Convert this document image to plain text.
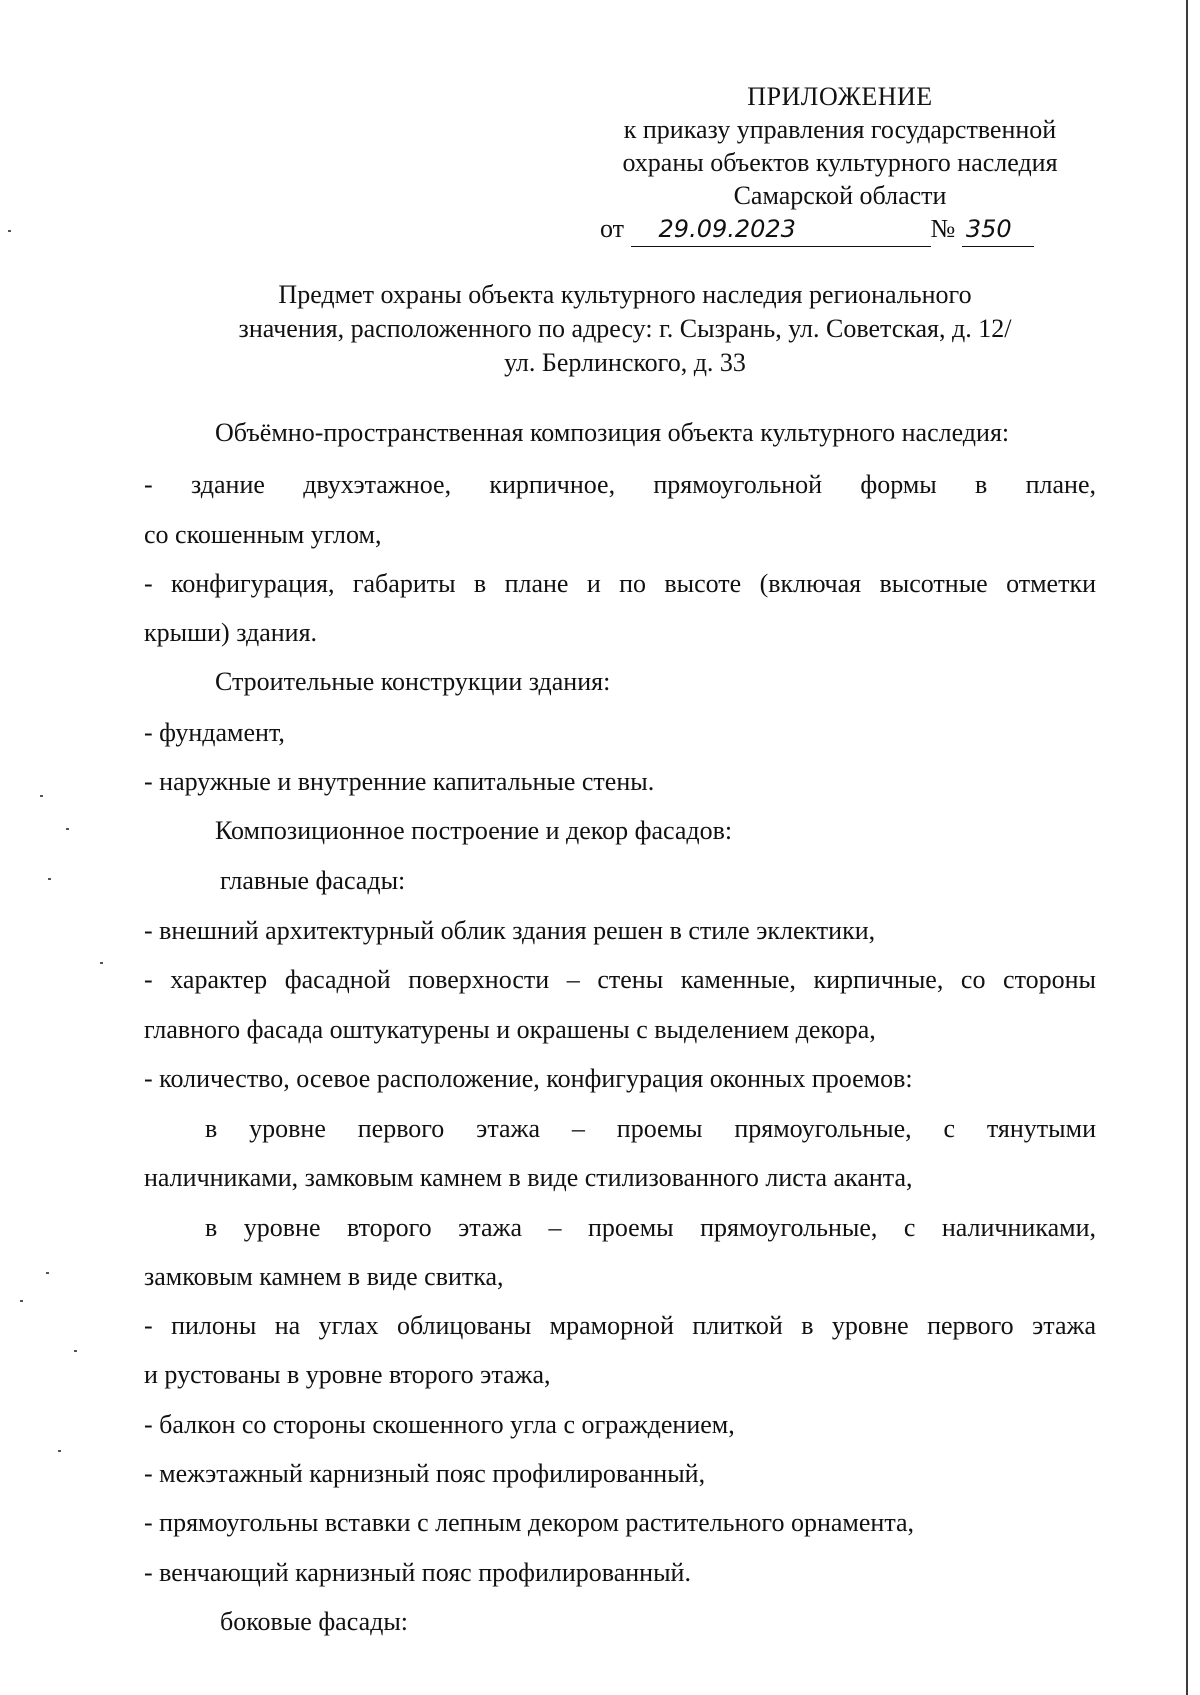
ПРИЛОЖЕНИЕ
к приказу управления государственной
охраны объектов культурного наследия
Самарской области
от 29.09.2023	№ 350
Предмет охраны объекта культурного наследия регионального
значения, расположенного по адресу: г. Сызрань, ул. Советская, д. 12/
ул. Берлинского, д. 33
Объёмно-пространственная композиция объекта культурного наследия:
- здание двухэтажное, кирпичное, прямоугольной формы в плане,
со скошенным углом,
- конфигурация, габариты в плане и по высоте (включая высотные отметки
крыши) здания.
Строительные конструкции здания:
- фундамент,
- наружные и внутренние капитальные стены.
Композиционное построение и декор фасадов:
главные фасады:
- внешний архитектурный облик здания решен в стиле эклектики,
- характер фасадной поверхности – стены каменные, кирпичные, со стороны
главного фасада оштукатурены и окрашены с выделением декора,
- количество, осевое расположение, конфигурация оконных проемов:
в уровне первого этажа – проемы прямоугольные, с тянутыми
наличниками, замковым камнем в виде стилизованного листа аканта,
в уровне второго этажа – проемы прямоугольные, с наличниками,
замковым камнем в виде свитка,
- пилоны на углах облицованы мраморной плиткой в уровне первого этажа
и рустованы в уровне второго этажа,
- балкон со стороны скошенного угла с ограждением,
- межэтажный карнизный пояс профилированный,
- прямоугольны вставки с лепным декором растительного орнамента,
- венчающий карнизный пояс профилированный.
боковые фасады:
